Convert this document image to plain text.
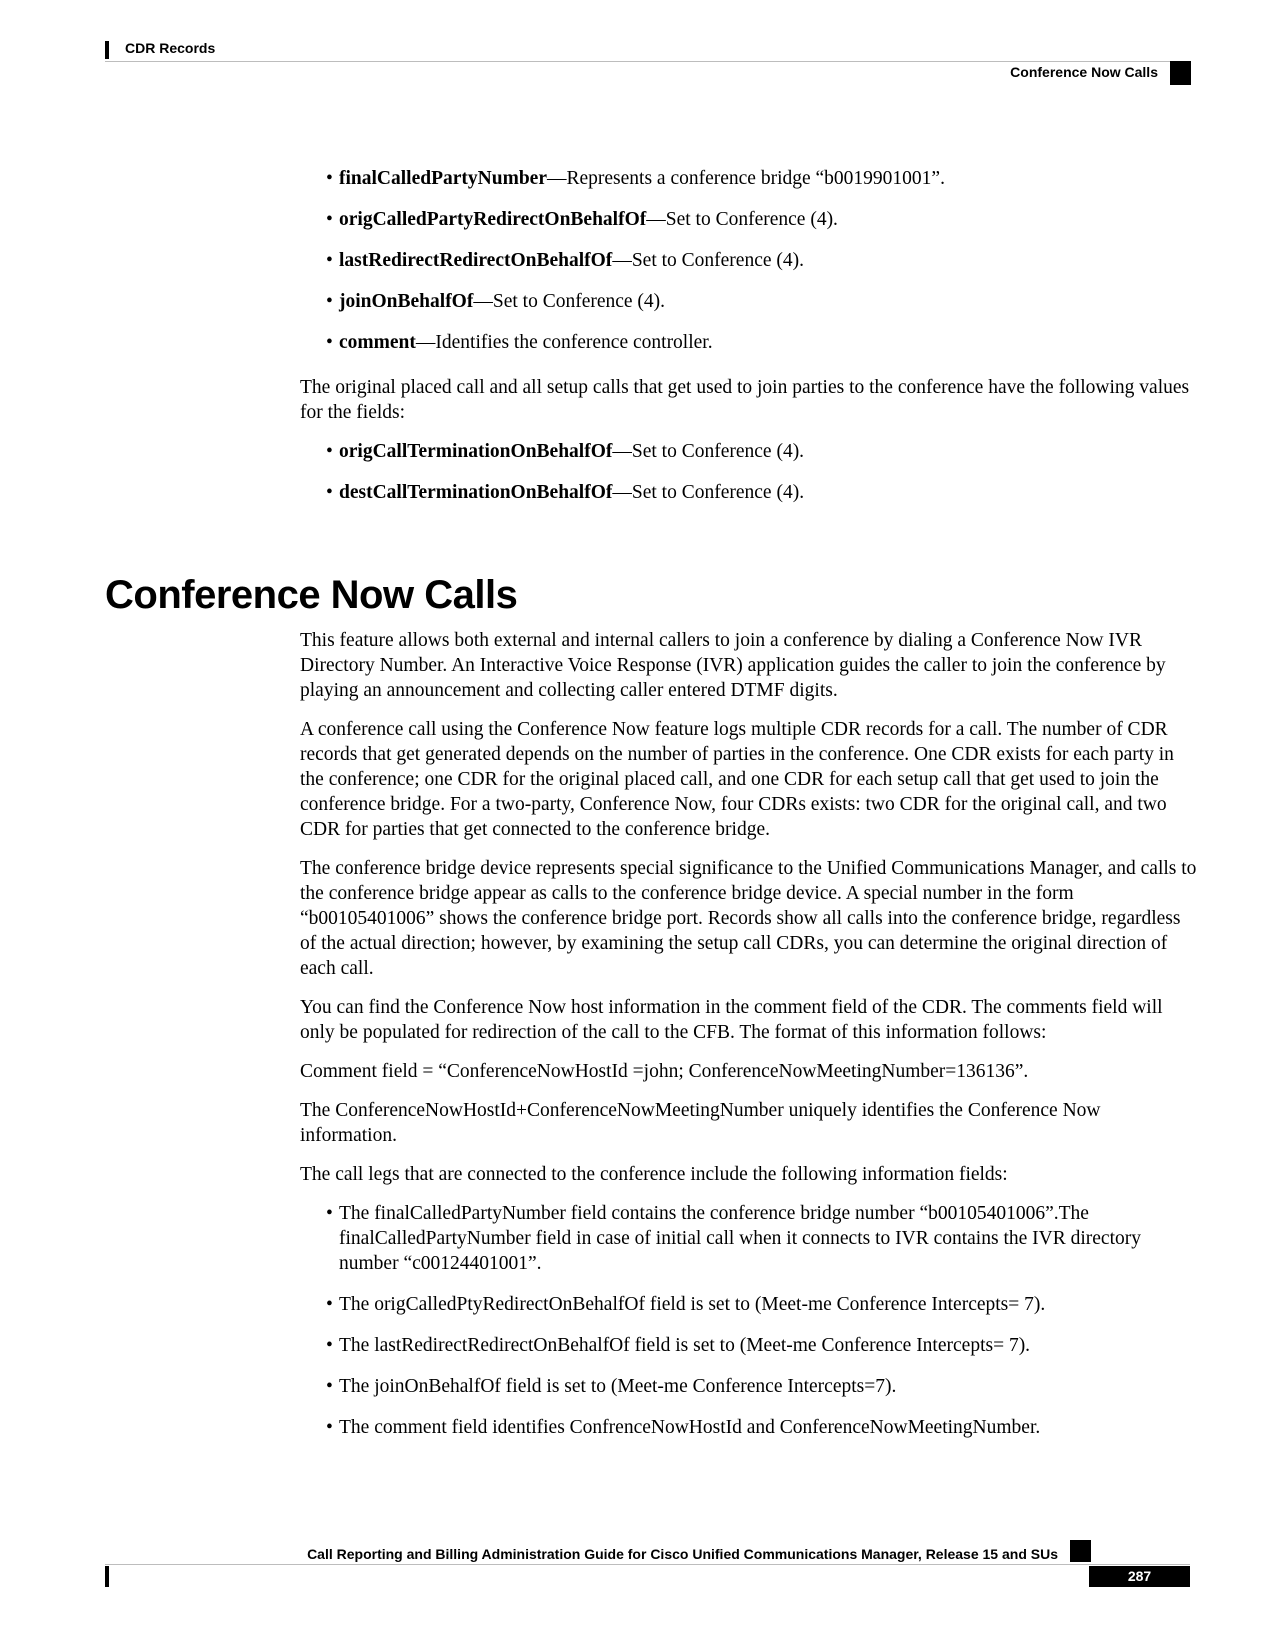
CDR Records
Conference Now Calls
• finalCalledPartyNumber—Represents a conference bridge “b0019901001”.
• origCalledPartyRedirectOnBehalfOf—Set to Conference (4).
• lastRedirectRedirectOnBehalfOf—Set to Conference (4).
• joinOnBehalfOf—Set to Conference (4).
• comment—Identifies the conference controller.

The original placed call and all setup calls that get used to join parties to the conference have the following values for the fields:

• origCallTerminationOnBehalfOf—Set to Conference (4).
• destCallTerminationOnBehalfOf—Set to Conference (4).
Conference Now Calls

This feature allows both external and internal callers to join a conference by dialing a Conference Now IVR Directory Number. An Interactive Voice Response (IVR) application guides the caller to join the conference by playing an announcement and collecting caller entered DTMF digits.

A conference call using the Conference Now feature logs multiple CDR records for a call. The number of CDR records that get generated depends on the number of parties in the conference. One CDR exists for each party in the conference; one CDR for the original placed call, and one CDR for each setup call that get used to join the conference bridge. For a two-party, Conference Now, four CDRs exists: two CDR for the original call, and two CDR for parties that get connected to the conference bridge.

The conference bridge device represents special significance to the Unified Communications Manager, and calls to the conference bridge appear as calls to the conference bridge device. A special number in the form “b00105401006” shows the conference bridge port. Records show all calls into the conference bridge, regardless of the actual direction; however, by examining the setup call CDRs, you can determine the original direction of each call.

You can find the Conference Now host information in the comment field of the CDR. The comments field will only be populated for redirection of the call to the CFB. The format of this information follows:

Comment field = “ConferenceNowHostId =john; ConferenceNowMeetingNumber=136136”.

The ConferenceNowHostId+ConferenceNowMeetingNumber uniquely identifies the Conference Now information.

The call legs that are connected to the conference include the following information fields:

• The finalCalledPartyNumber field contains the conference bridge number “b00105401006”.The finalCalledPartyNumber field in case of initial call when it connects to IVR contains the IVR directory number “c00124401001”.
• The origCalledPtyRedirectOnBehalfOf field is set to (Meet-me Conference Intercepts= 7).
• The lastRedirectRedirectOnBehalfOf field is set to (Meet-me Conference Intercepts= 7).
• The joinOnBehalfOf field is set to (Meet-me Conference Intercepts=7).
• The comment field identifies ConfrenceNowHostId and ConferenceNowMeetingNumber.
Call Reporting and Billing Administration Guide for Cisco Unified Communications Manager, Release 15 and SUs
287
